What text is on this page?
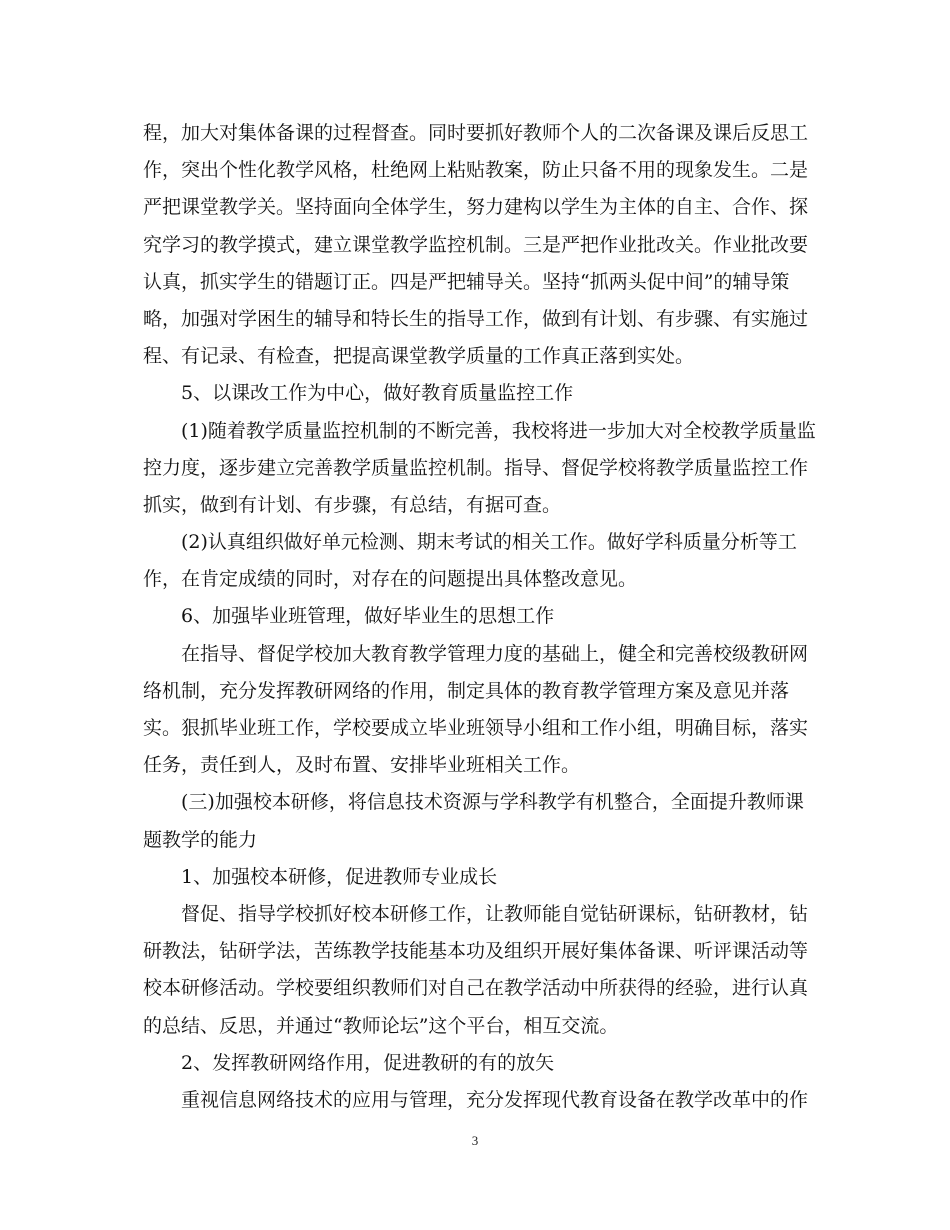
程，加大对集体备课的过程督查。同时要抓好教师个人的二次备课及课后反思工
作，突出个性化教学风格，杜绝网上粘贴教案，防止只备不用的现象发生。二是
严把课堂教学关。坚持面向全体学生，努力建构以学生为主体的自主、合作、探
究学习的教学摸式，建立课堂教学监控机制。三是严把作业批改关。作业批改要
认真，抓实学生的错题订正。四是严把辅导关。坚持“抓两头促中间”的辅导策
略，加强对学困生的辅导和特长生的指导工作，做到有计划、有步骤、有实施过
程、有记录、有检查，把提高课堂教学质量的工作真正落到实处。
5、以课改工作为中心，做好教育质量监控工作
(1)随着教学质量监控机制的不断完善，我校将进一步加大对全校教学质量监
控力度，逐步建立完善教学质量监控机制。指导、督促学校将教学质量监控工作
抓实，做到有计划、有步骤，有总结，有据可查。
(2)认真组织做好单元检测、期末考试的相关工作。做好学科质量分析等工
作，在肯定成绩的同时，对存在的问题提出具体整改意见。
6、加强毕业班管理，做好毕业生的思想工作
在指导、督促学校加大教育教学管理力度的基础上，健全和完善校级教研网
络机制，充分发挥教研网络的作用，制定具体的教育教学管理方案及意见并落
实。狠抓毕业班工作，学校要成立毕业班领导小组和工作小组，明确目标，落实
任务，责任到人，及时布置、安排毕业班相关工作。
(三)加强校本研修，将信息技术资源与学科教学有机整合，全面提升教师课
题教学的能力
1、加强校本研修，促进教师专业成长
督促、指导学校抓好校本研修工作，让教师能自觉钻研课标，钻研教材，钻
研教法，钻研学法，苦练教学技能基本功及组织开展好集体备课、听评课活动等
校本研修活动。学校要组织教师们对自己在教学活动中所获得的经验，进行认真
的总结、反思，并通过“教师论坛”这个平台，相互交流。
2、发挥教研网络作用，促进教研的有的放矢
重视信息网络技术的应用与管理，充分发挥现代教育设备在教学改革中的作
3
